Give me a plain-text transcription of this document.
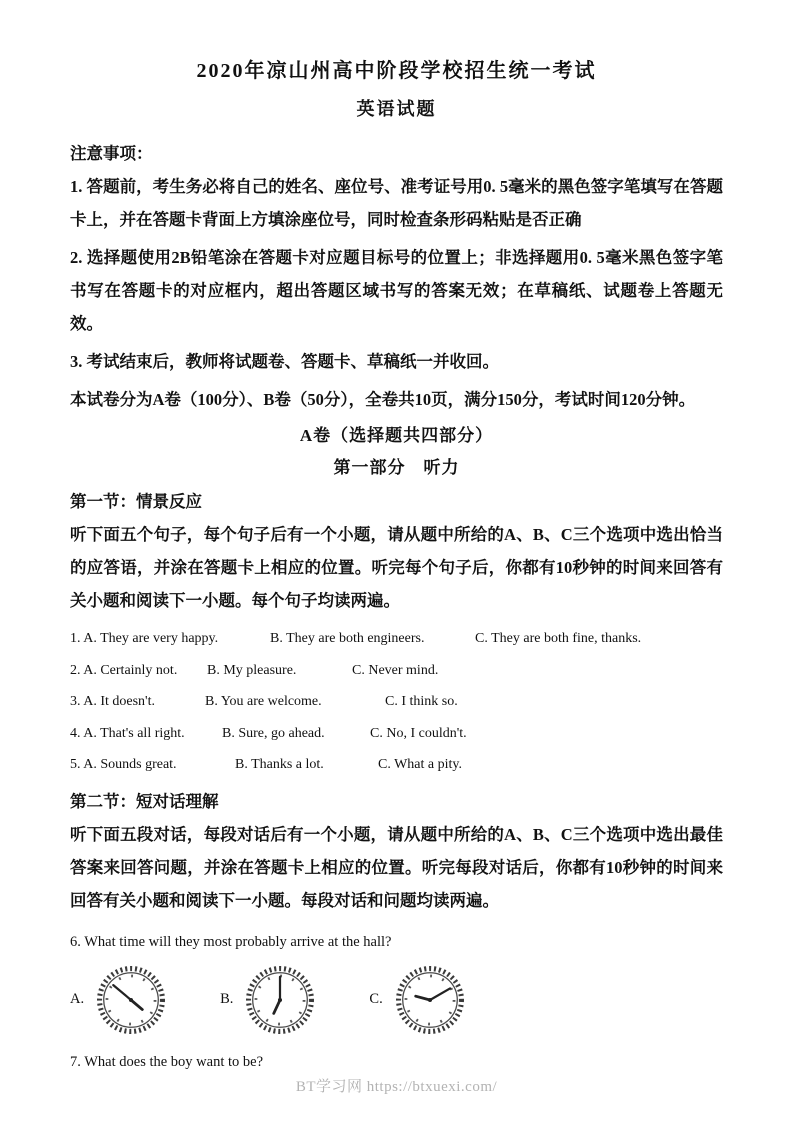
2020年凉山州高中阶段学校招生统一考试
英语试题

注意事项：

1. 答题前，考生务必将自己的姓名、座位号、准考证号用0. 5毫米的黑色签字笔填写在答题卡上，并在答题卡背面上方填涂座位号，同时检查条形码粘贴是否正确

2. 选择题使用2B铅笔涂在答题卡对应题目标号的位置上；非选择题用0. 5毫米黑色签字笔书写在答题卡的对应框内，超出答题区域书写的答案无效；在草稿纸、试题卷上答题无效。

3. 考试结束后，教师将试题卷、答题卡、草稿纸一并收回。

本试卷分为A卷（100分）、B卷（50分），全卷共10页，满分150分，考试时间120分钟。

A卷（选择题共四部分）

第一部分　听力

第一节：情景反应

听下面五个句子，每个句子后有一个小题，请从题中所给的A、B、C三个选项中选出恰当的应答语，并涂在答题卡上相应的位置。听完每个句子后，你都有10秒钟的时间来回答有关小题和阅读下一小题。每个句子均读两遍。

1. A. They are very happy.	B. They are both engineers.	C. They are both fine, thanks.
2. A. Certainly not.	B. My pleasure.	C. Never mind.
3. A. It doesn't.	B. You are welcome.	C. I think so.
4. A. That's all right.	B. Sure, go ahead.	C. No, I couldn't.
5. A. Sounds great.	B. Thanks a lot.	C. What a pity.

第二节：短对话理解

听下面五段对话，每段对话后有一个小题，请从题中所给的A、B、C三个选项中选出最佳答案来回答问题，并涂在答题卡上相应的位置。听完每段对话后，你都有10秒钟的时间来回答有关小题和阅读下一小题。每段对话和问题均读两遍。

6. What time will they most probably arrive at the hall?

A.	B.	C.

7. What does the boy want to be?

BT学习网 https://btxuexi.com/
